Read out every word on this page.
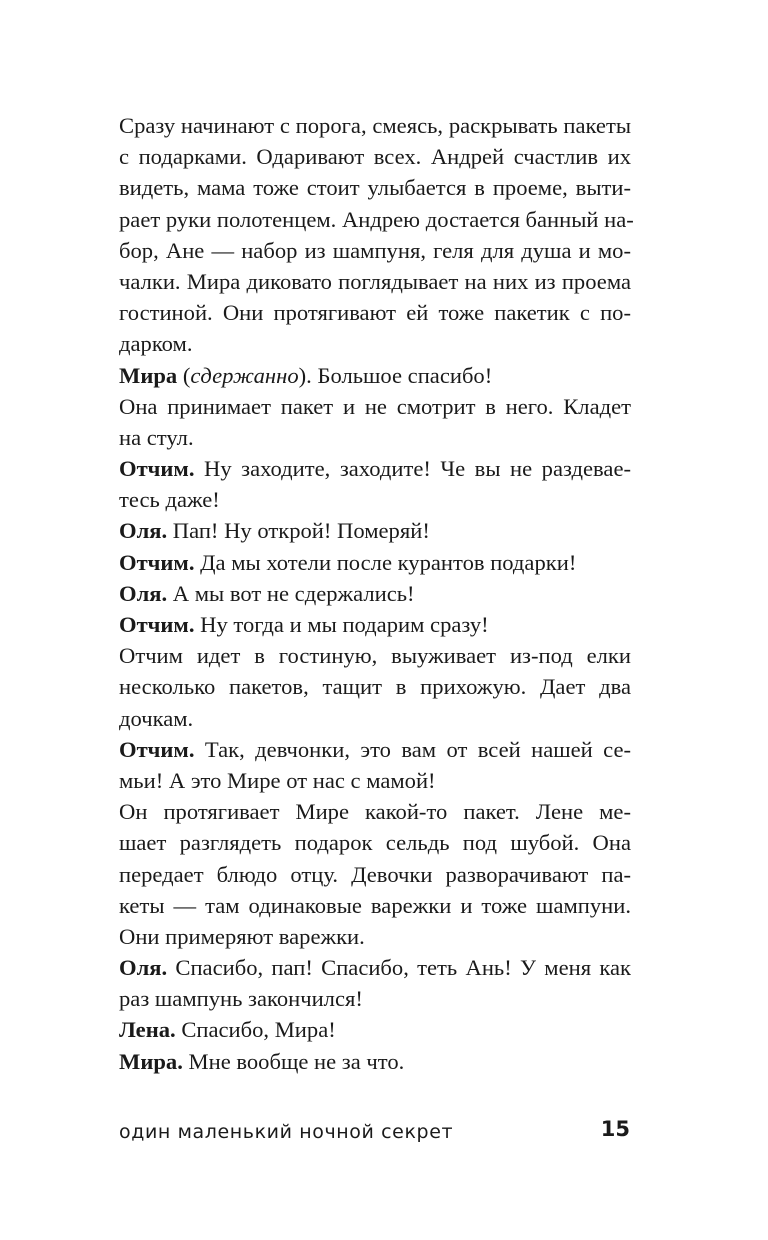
Сразу начинают с порога, смеясь, раскрывать пакеты
с подарками. Одаривают всех. Андрей счастлив их
видеть, мама тоже стоит улыбается в проеме, выти-
рает руки полотенцем. Андрею достается банный на-
бор, Ане — набор из шампуня, геля для душа и мо-
чалки. Мира диковато поглядывает на них из проема
гостиной. Они протягивают ей тоже пакетик с по-
дарком.
Мира (сдержанно). Большое спасибо!
Она принимает пакет и не смотрит в него. Кладет
на стул.
Отчим. Ну заходите, заходите! Че вы не раздевае-
тесь даже!
Оля. Пап! Ну открой! Померяй!
Отчим. Да мы хотели после курантов подарки!
Оля. А мы вот не сдержались!
Отчим. Ну тогда и мы подарим сразу!
Отчим идет в гостиную, выуживает из-под елки
несколько пакетов, тащит в прихожую. Дает два
дочкам.
Отчим. Так, девчонки, это вам от всей нашей се-
мьи! А это Мире от нас с мамой!
Он протягивает Мире какой-то пакет. Лене ме-
шает разглядеть подарок сельдь под шубой. Она
передает блюдо отцу. Девочки разворачивают па-
кеты — там одинаковые варежки и тоже шампуни.
Они примеряют варежки.
Оля. Спасибо, пап! Спасибо, теть Ань! У меня как
раз шампунь закончился!
Лена. Спасибо, Мира!
Мира. Мне вообще не за что.
один маленький ночной секрет	15
